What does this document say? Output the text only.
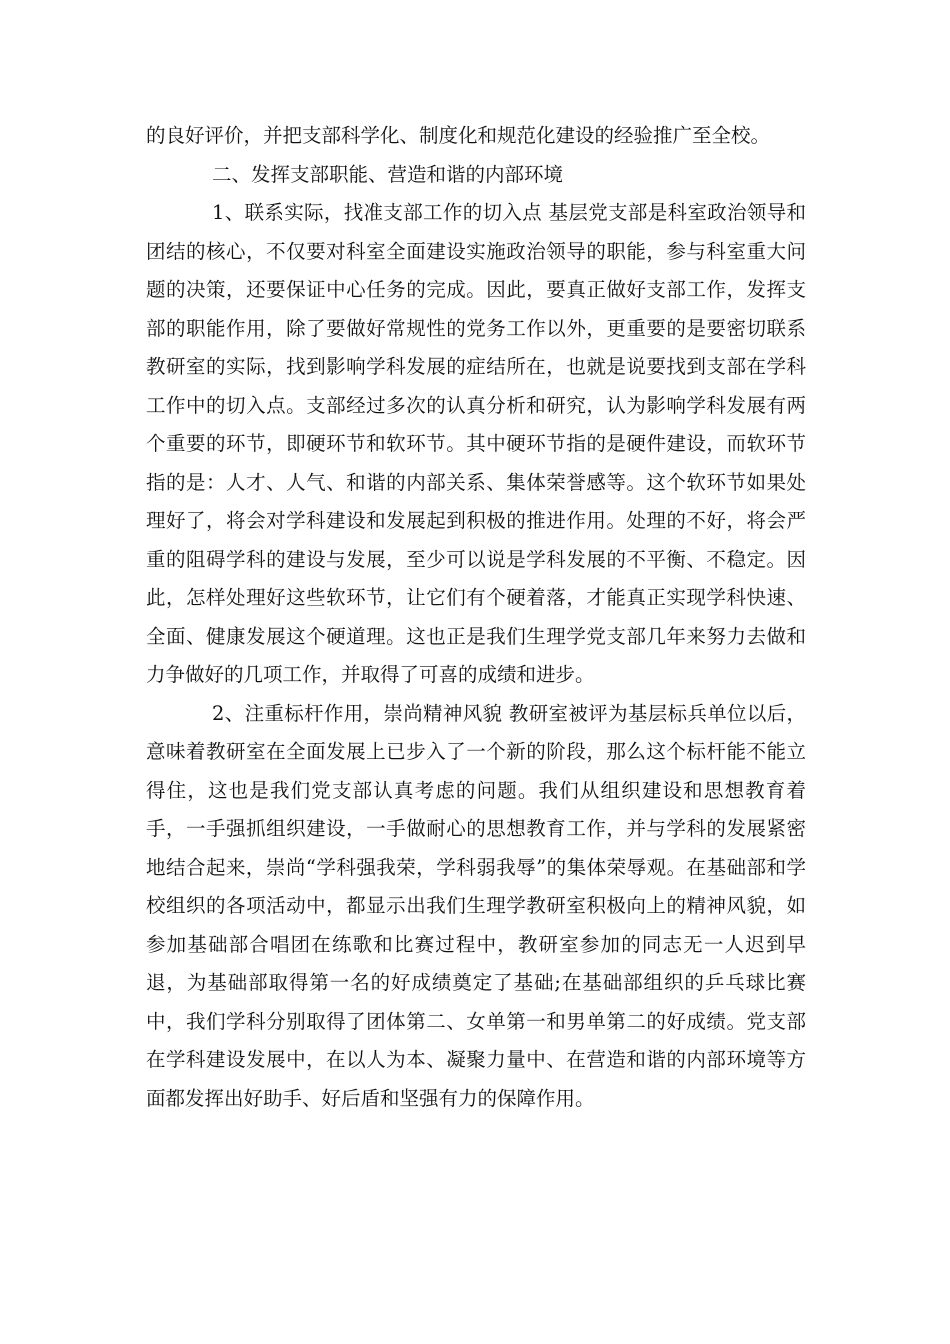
的良好评价，并把支部科学化、制度化和规范化建设的经验推广至全校。

二、发挥支部职能、营造和谐的内部环境

1、联系实际，找准支部工作的切入点 基层党支部是科室政治领导和团结的核心，不仅要对科室全面建设实施政治领导的职能，参与科室重大问题的决策，还要保证中心任务的完成。因此，要真正做好支部工作，发挥支部的职能作用，除了要做好常规性的党务工作以外，更重要的是要密切联系教研室的实际，找到影响学科发展的症结所在，也就是说要找到支部在学科工作中的切入点。支部经过多次的认真分析和研究，认为影响学科发展有两个重要的环节，即硬环节和软环节。其中硬环节指的是硬件建设，而软环节指的是：人才、人气、和谐的内部关系、集体荣誉感等。这个软环节如果处理好了，将会对学科建设和发展起到积极的推进作用。处理的不好，将会严重的阻碍学科的建设与发展，至少可以说是学科发展的不平衡、不稳定。因此，怎样处理好这些软环节，让它们有个硬着落，才能真正实现学科快速、全面、健康发展这个硬道理。这也正是我们生理学党支部几年来努力去做和力争做好的几项工作，并取得了可喜的成绩和进步。

2、注重标杆作用，崇尚精神风貌 教研室被评为基层标兵单位以后，意味着教研室在全面发展上已步入了一个新的阶段，那么这个标杆能不能立得住，这也是我们党支部认真考虑的问题。我们从组织建设和思想教育着手，一手强抓组织建设，一手做耐心的思想教育工作，并与学科的发展紧密地结合起来，崇尚“学科强我荣，学科弱我辱”的集体荣辱观。在基础部和学校组织的各项活动中，都显示出我们生理学教研室积极向上的精神风貌，如参加基础部合唱团在练歌和比赛过程中，教研室参加的同志无一人迟到早退，为基础部取得第一名的好成绩奠定了基础;在基础部组织的乒乓球比赛中，我们学科分别取得了团体第二、女单第一和男单第二的好成绩。党支部在学科建设发展中，在以人为本、凝聚力量中、在营造和谐的内部环境等方面都发挥出好助手、好后盾和坚强有力的保障作用。
